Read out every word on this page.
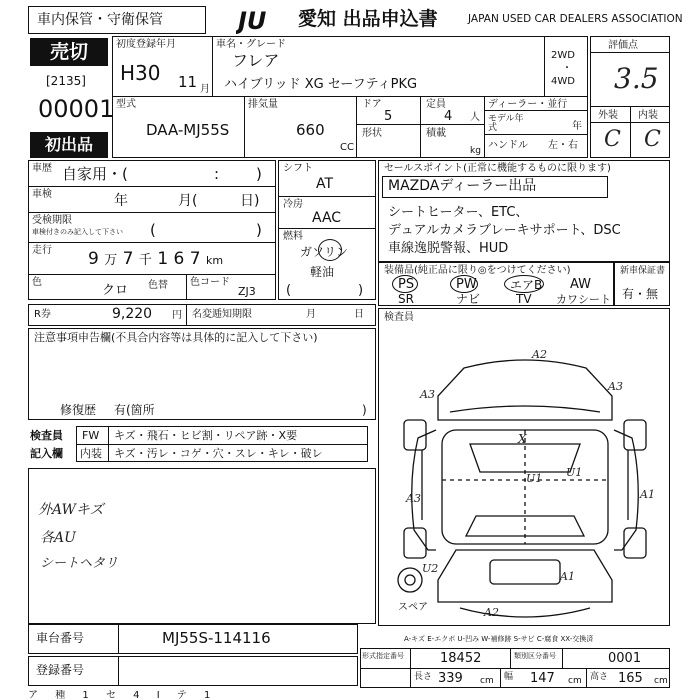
車内保管・守衛保管	JU 愛知 出品申込書	JAPAN USED CAR DEALERS ASSOCIATION
売切
[2135]
00001
初出品
初度登録年月
H30 11 月
車名・グレード
フレア
ハイブリッド XG セーフティPKG
2WD
・
4WD
型式
DAA-MJ55S
排気量
660
CC
ドア
5
定員
4 人
形状	積載
kg
ディーラー・並行
モデル年式	年
ハンドル 左・右
評価点
3.5
外装 内装
C C
車歴 自家用・(	: )
車検	年	月(	日)
受検期限
車検付きのみ記入して下さい (	)
走行 9 万 7 千 1 6 7 km
色
クロ 色替 色コード
ZJ3
シフト
AT
冷房
AAC
燃料
ガソリン
軽油
(	)
セールスポイント(正常に機能するものに限ります)
MAZDAディーラー出品
シートヒーター、ETC、
デュアルカメラブレーキサポート、DSC
車線逸脱警報、HUD
装備品(純正品に限り◎をつけてください)
PS	PW	エアB AW
SR	ナビ	TV カワシート
新車保証書
有・無
R券	9,220 円 名変逓知期限	月	日 検査員
注意事項申告欄(不具合内容等は具体的に記入して下さい)
修復歴 有(箇所	)
検査員
記入欄
FW キズ・飛石・ヒビ割・リペア跡・X要
内装 キズ・汚レ・コゲ・穴・スレ・キレ・破レ
外AWキズ
各AU
シートヘタリ
A2
A3
A3
X
U1
U1
A3	A1
A1
U2
A2
スペア
A-キズ E-エクボ U-凹み W-補修跡 S-サビ C-腐食 XX-交換済
車台番号	MJ55S-114116
登録番号
形式指定番号	18452	類別区分番号	0001
長さ 339 cm 幅 147 cm 高さ 165 cm
ア 種 1 セ 4 Ⅰ テ 1
